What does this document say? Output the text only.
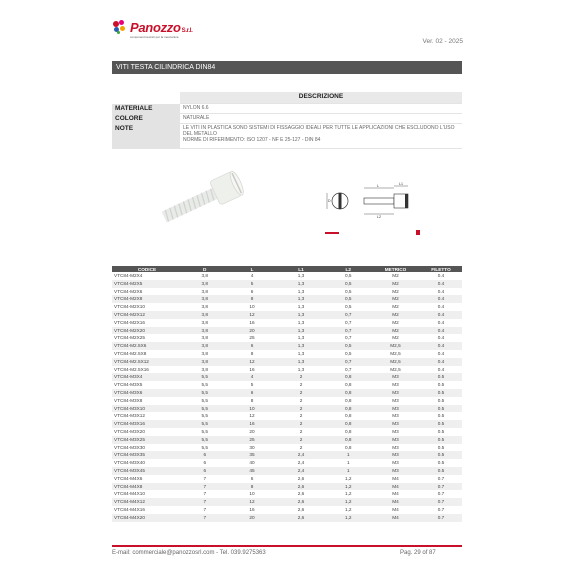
PanozzoS.r.l.
componenti tecnici per la meccanica
Ver. 02 - 2025
VITI TESTA CILINDRICA DIN84
	DESCRIZIONE
MATERIALE	NYLON 6.6
COLORE	NATURALE
NOTE	LE VITI IN PLASTICA SONO SISTEMI DI FISSAGGIO IDEALI PER TUTTE LE APPLICAZIONI CHE ESCLUDONO L'USO DEL METALLO
NORME DI RIFERIMENTO: ISO 1207 - NF E 25-127 - DIN 84
D
L	L1
L2
CODICE	D	L	L1	L2	METRICO	FILETTO
VTC84-M2X4	3,8	4	1,3	0,5	M2	0.4
VTC84-M2X5	3,8	5	1,3	0,5	M2	0.4
VTC84-M2X6	3,8	6	1,3	0,5	M2	0.4
VTC84-M2X8	3,8	8	1,3	0,5	M2	0.4
VTC84-M2X10	3,8	10	1,3	0,5	M2	0.4
VTC84-M2X12	3,8	12	1,3	0,7	M2	0.4
VTC84-M2X16	3,8	16	1,3	0,7	M2	0.4
VTC84-M2X20	3,8	20	1,3	0,7	M2	0.4
VTC84-M2X25	3,8	25	1,3	0,7	M2	0.4
VTC84-M2.5X6	3,8	6	1,3	0,5	M2,5	0.4
VTC84-M2.5X8	3,8	8	1,3	0,5	M2,5	0.4
VTC84-M2.5X12	3,8	12	1,3	0,7	M2,5	0.4
VTC84-M2.5X16	3,8	16	1,3	0,7	M2,5	0.4
VTC84-M3X4	5,5	4	2	0,8	M3	0.5
VTC84-M3X5	5,5	5	2	0,8	M3	0.5
VTC84-M3X6	5,5	6	2	0,8	M3	0.5
VTC84-M3X8	5,5	8	2	0,8	M3	0.5
VTC84-M3X10	5,5	10	2	0,8	M3	0.5
VTC84-M3X12	5,5	12	2	0,8	M3	0.5
VTC84-M3X16	5,5	16	2	0,8	M3	0.5
VTC84-M3X20	5,5	20	2	0,8	M3	0.5
VTC84-M3X25	5,5	25	2	0,8	M3	0.5
VTC84-M3X30	5,5	30	2	0,8	M3	0.5
VTC84-M3X35	6	35	2,4	1	M3	0.5
VTC84-M3X40	6	40	2,4	1	M3	0.5
VTC84-M3X45	6	45	2,4	1	M3	0.5
VTC84-M4X6	7	6	2,6	1,2	M4	0.7
VTC84-M4X8	7	8	2,6	1,2	M4	0.7
VTC84-M4X10	7	10	2,6	1,2	M4	0.7
VTC84-M4X12	7	12	2,6	1,2	M4	0.7
VTC84-M4X16	7	16	2,6	1,2	M4	0.7
VTC84-M4X20	7	20	2,6	1,2	M4	0.7
E-mail: commerciale@panozzosrl.com - Tel. 039.9275363	Pag. 29 of 87
